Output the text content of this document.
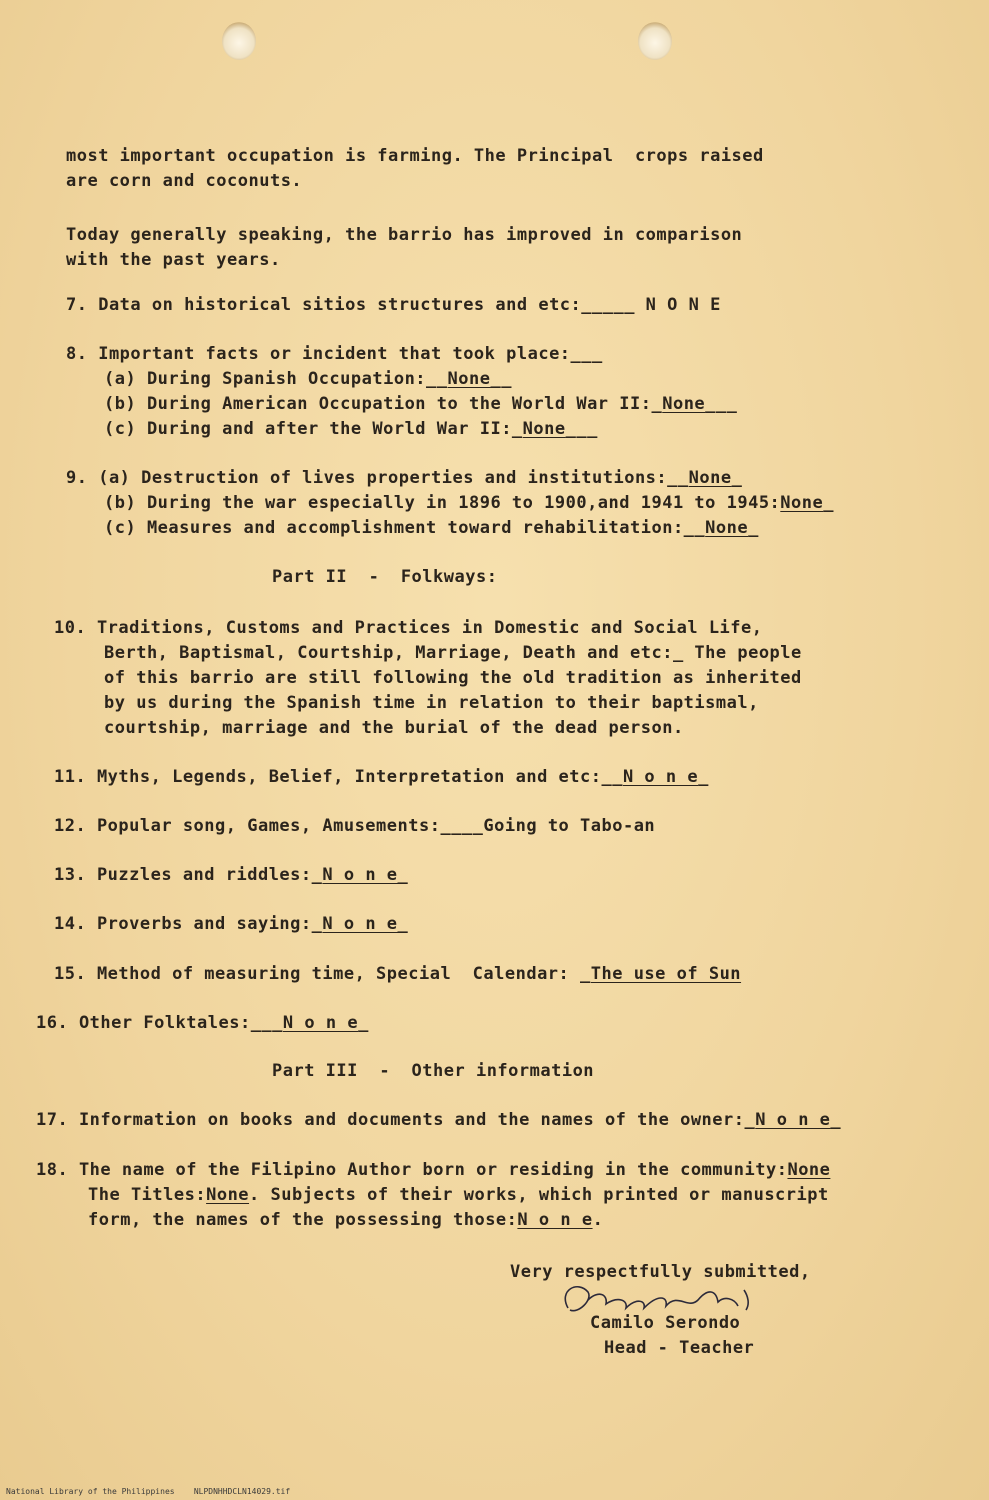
most important occupation is farming. The Principal  crops raised
are corn and coconuts.
Today generally speaking, the barrio has improved in comparison
with the past years.
7. Data on historical sitios structures and etc:_____ N O N E
8. Important facts or incident that took place:___
(a) During Spanish Occupation:__None__
(b) During American Occupation to the World War II:_None___
(c) During and after the World War II:_None___
9. (a) Destruction of lives properties and institutions:__None_
(b) During the war especially in 1896 to 1900,and 1941 to 1945:None_
(c) Measures and accomplishment toward rehabilitation:__None_
Part II  -  Folkways:
10. Traditions, Customs and Practices in Domestic and Social Life,
Berth, Baptismal, Courtship, Marriage, Death and etc:_ The people
of this barrio are still following the old tradition as inherited
by us during the Spanish time in relation to their baptismal,
courtship, marriage and the burial of the dead person.
11. Myths, Legends, Belief, Interpretation and etc:__N o n e_
12. Popular song, Games, Amusements:____Going to Tabo-an
13. Puzzles and riddles:_N o n e_
14. Proverbs and saying:_N o n e_
15. Method of measuring time, Special  Calendar: _The use of Sun
16. Other Folktales:___N o n e_
Part III  -  Other information
17. Information on books and documents and the names of the owner:_N o n e_
18. The name of the Filipino Author born or residing in the community:None
The Titles:None. Subjects of their works, which printed or manuscript
form, the names of the possessing those:N o n e.
Very respectfully submitted,
Camilo Serondo
Head - Teacher
National Library of the Philippines NLPDNHHDCLN14029.tif
